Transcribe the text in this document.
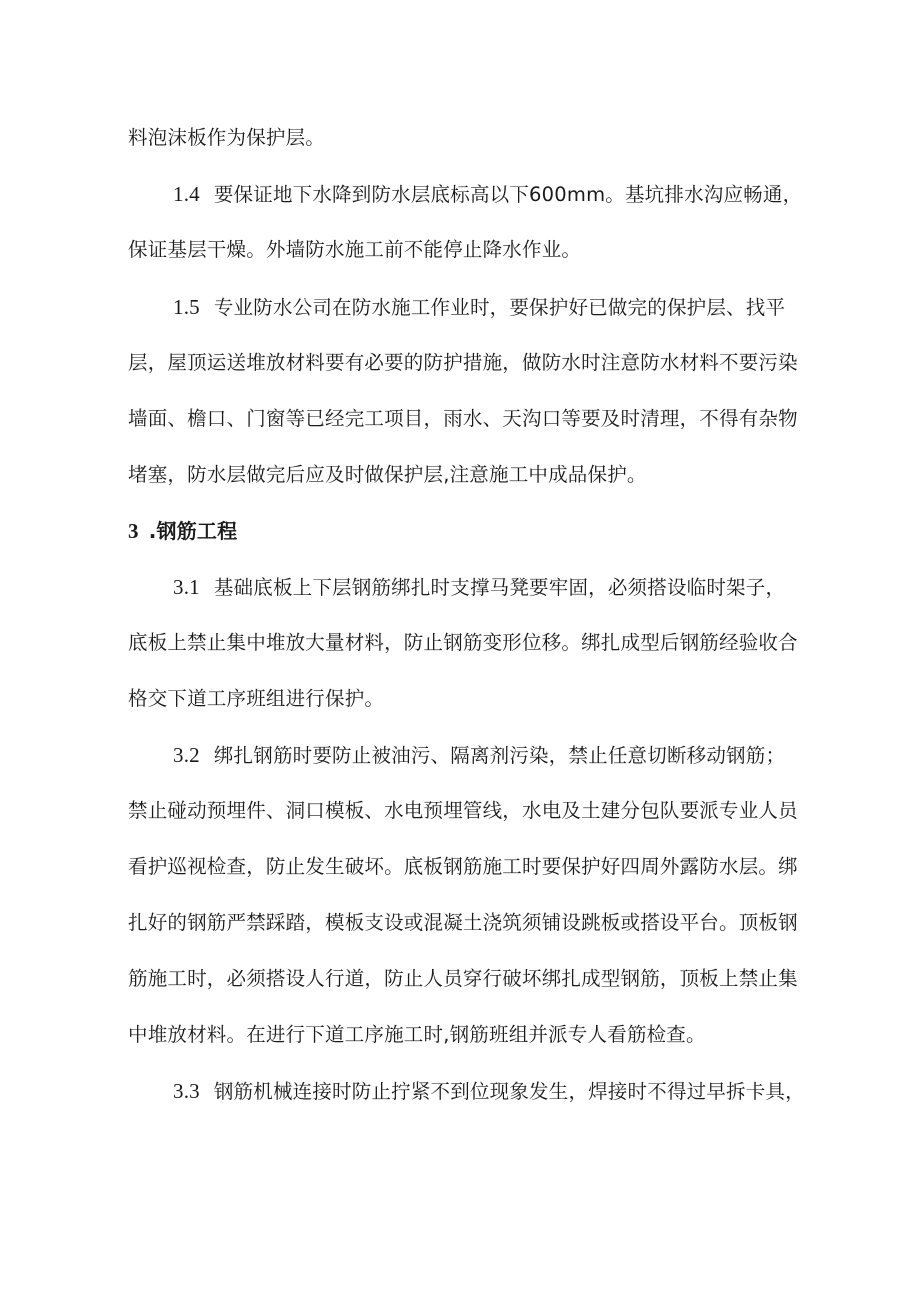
料泡沫板作为保护层。
1.4 要保证地下水降到防水层底标高以下600mm。基坑排水沟应畅通，
保证基层干燥。外墙防水施工前不能停止降水作业。
1.5 专业防水公司在防水施工作业时，要保护好已做完的保护层、找平
层，屋顶运送堆放材料要有必要的防护措施，做防水时注意防水材料不要污染
墙面、檐口、门窗等已经完工项目，雨水、天沟口等要及时清理，不得有杂物
堵塞，防水层做完后应及时做保护层,注意施工中成品保护。
3 .钢筋工程
3.1 基础底板上下层钢筋绑扎时支撑马凳要牢固，必须搭设临时架子，
底板上禁止集中堆放大量材料，防止钢筋变形位移。绑扎成型后钢筋经验收合
格交下道工序班组进行保护。
3.2 绑扎钢筋时要防止被油污、隔离剂污染，禁止任意切断移动钢筋；
禁止碰动预埋件、洞口模板、水电预埋管线，水电及土建分包队要派专业人员
看护巡视检查，防止发生破坏。底板钢筋施工时要保护好四周外露防水层。绑
扎好的钢筋严禁踩踏，模板支设或混凝土浇筑须铺设跳板或搭设平台。顶板钢
筋施工时，必须搭设人行道，防止人员穿行破坏绑扎成型钢筋，顶板上禁止集
中堆放材料。在进行下道工序施工时,钢筋班组并派专人看筋检查。
3.3 钢筋机械连接时防止拧紧不到位现象发生，焊接时不得过早拆卡具，
